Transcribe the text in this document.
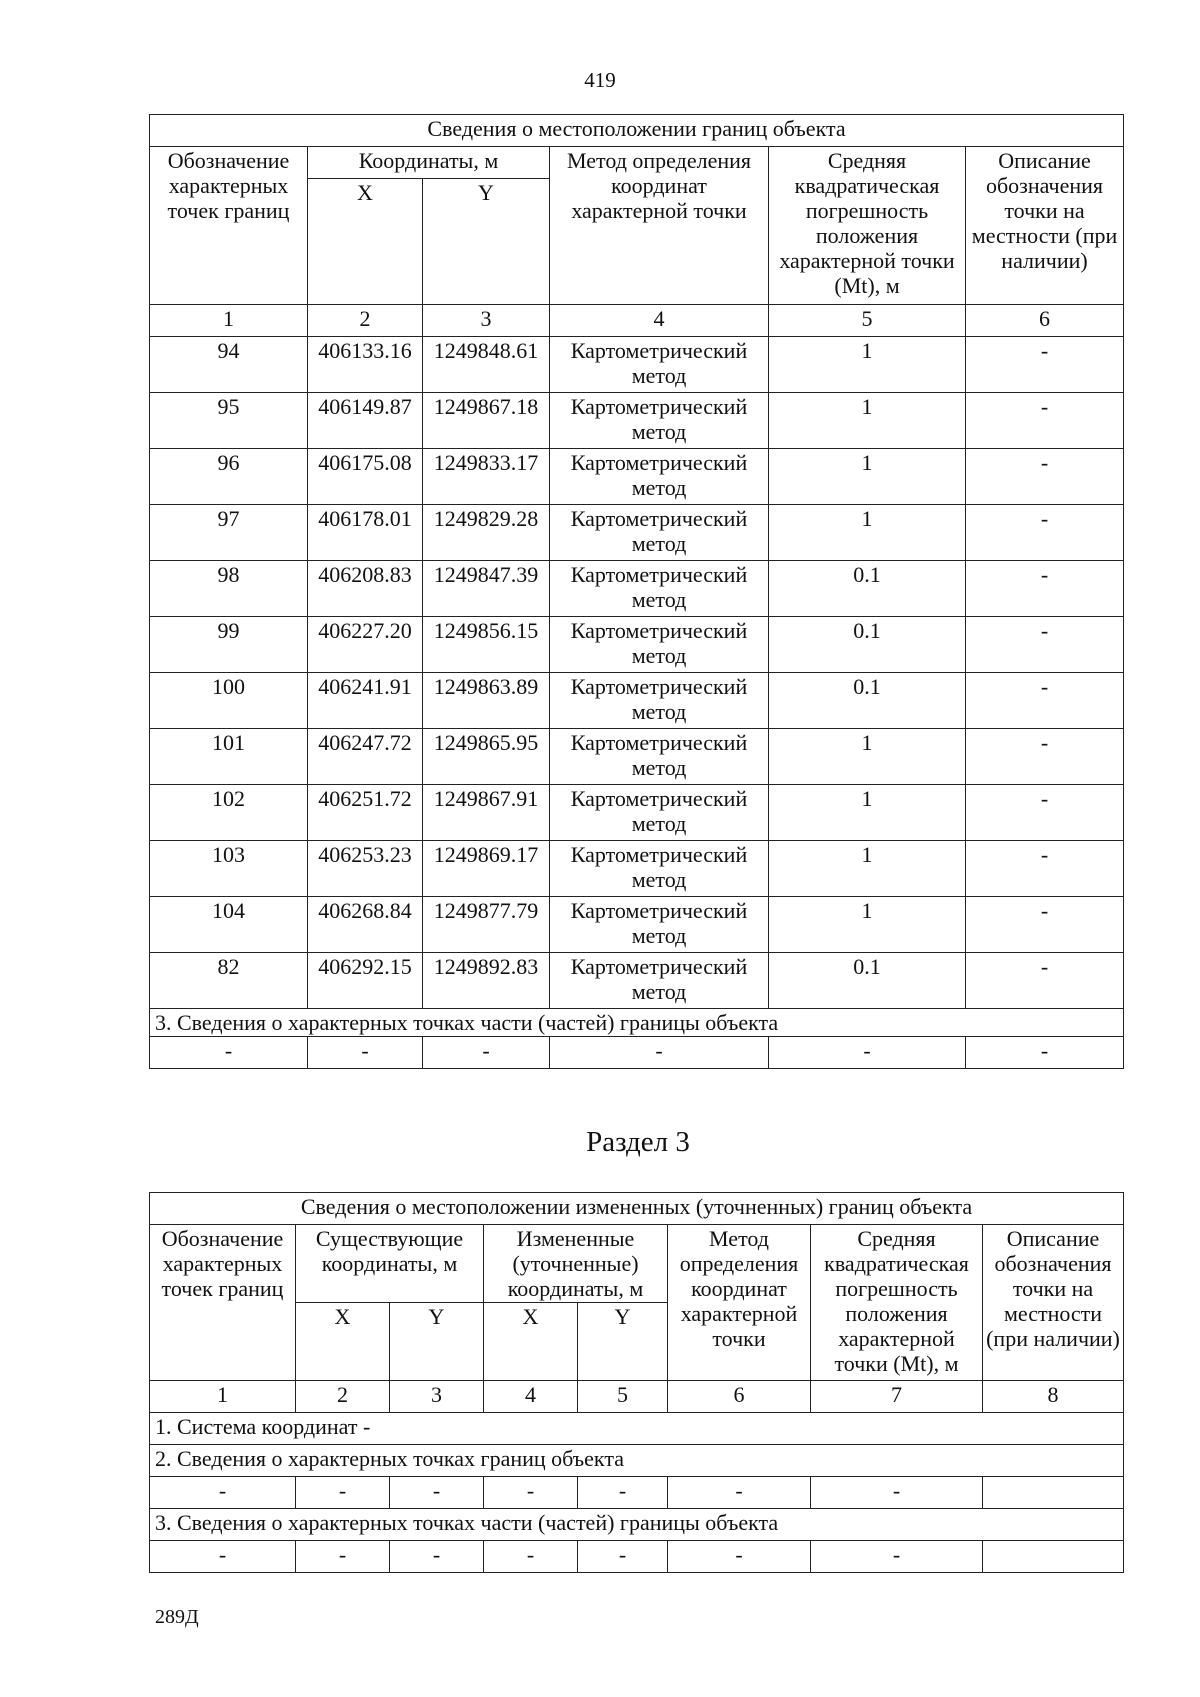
419
Сведения о местоположении границ объекта					
Обозначение характерных точек границ	Координаты, м		Метод определения координат характерной точки	Средняя квадратическая погрешность положения характерной точки (Mt), м	Описание обозначения точки на местности (при наличии)
	X	Y			
1	2	3	4	5	6
94	406133.16	1249848.61	Картометрический метод	1	-
95	406149.87	1249867.18	Картометрический метод	1	-
96	406175.08	1249833.17	Картометрический метод	1	-
97	406178.01	1249829.28	Картометрический метод	1	-
98	406208.83	1249847.39	Картометрический метод	0.1	-
99	406227.20	1249856.15	Картометрический метод	0.1	-
100	406241.91	1249863.89	Картометрический метод	0.1	-
101	406247.72	1249865.95	Картометрический метод	1	-
102	406251.72	1249867.91	Картометрический метод	1	-
103	406253.23	1249869.17	Картометрический метод	1	-
104	406268.84	1249877.79	Картометрический метод	1	-
82	406292.15	1249892.83	Картометрический метод	0.1	-
3. Сведения о характерных точках части (частей) границы объекта					
-	-	-	-	-	-
Раздел 3
Сведения о местоположении измененных (уточненных) границ объекта							
Обозначение характерных точек границ	Существующие координаты, м		Измененные (уточненные) координаты, м		Метод определения координат характерной точки	Средняя квадратическая погрешность положения характерной точки (Mt), м	Описание обозначения точки на местности (при наличии)
	X	Y	X	Y			
1	2	3	4	5	6	7	8
1. Система координат -							
2. Сведения о характерных точках границ объекта							
-	-	-	-	-	-	-	
3. Сведения о характерных точках части (частей) границы объекта							
-	-	-	-	-	-	-	
289Д
